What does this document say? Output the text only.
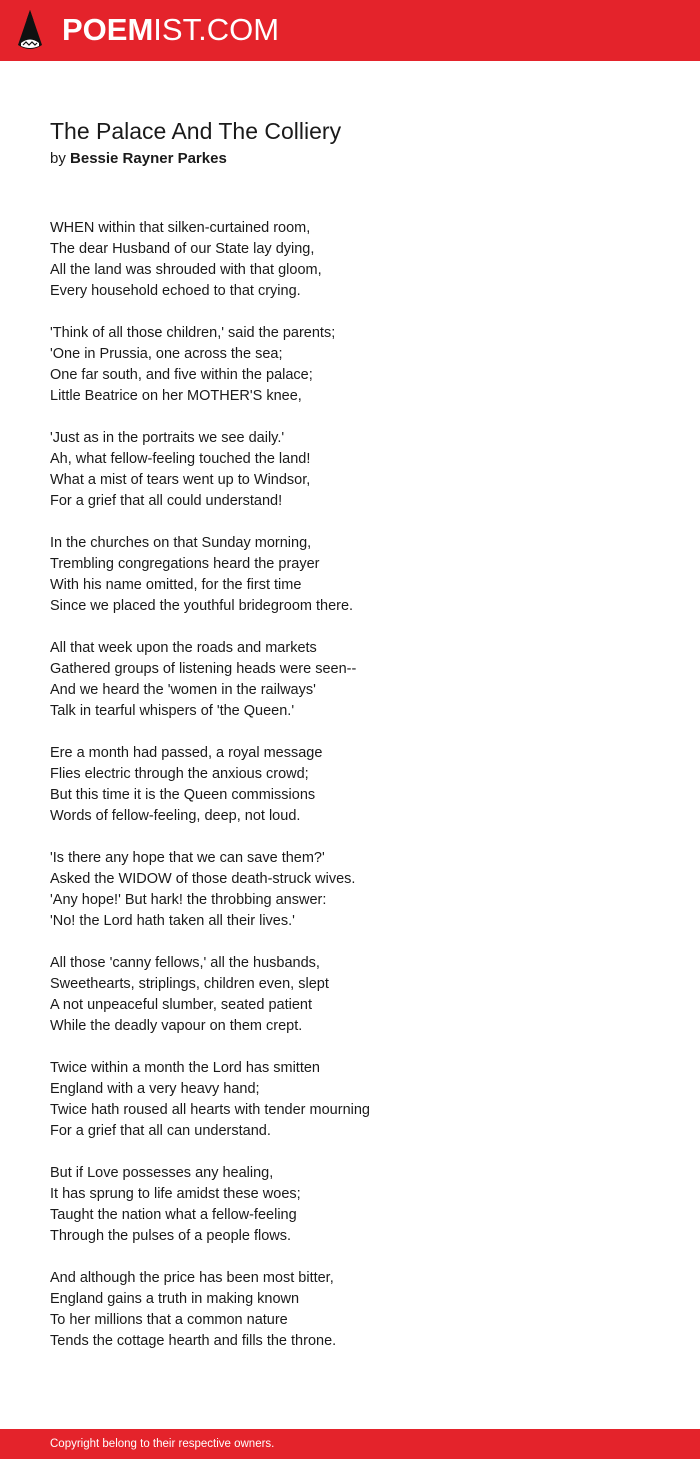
POEMIST.COM
The Palace And The Colliery
by Bessie Rayner Parkes
WHEN within that silken-curtained room,
The dear Husband of our State lay dying,
All the land was shrouded with that gloom,
Every household echoed to that crying.
'Think of all those children,' said the parents;
'One in Prussia, one across the sea;
One far south, and five within the palace;
Little Beatrice on her MOTHER'S knee,
'Just as in the portraits we see daily.'
Ah, what fellow-feeling touched the land!
What a mist of tears went up to Windsor,
For a grief that all could understand!
In the churches on that Sunday morning,
Trembling congregations heard the prayer
With his name omitted, for the first time
Since we placed the youthful bridegroom there.
All that week upon the roads and markets
Gathered groups of listening heads were seen--
And we heard the 'women in the railways'
Talk in tearful whispers of 'the Queen.'
Ere a month had passed, a royal message
Flies electric through the anxious crowd;
But this time it is the Queen commissions
Words of fellow-feeling, deep, not loud.
'Is there any hope that we can save them?'
Asked the WIDOW of those death-struck wives.
'Any hope!' But hark! the throbbing answer:
'No! the Lord hath taken all their lives.'
All those 'canny fellows,' all the husbands,
Sweethearts, striplings, children even, slept
A not unpeaceful slumber, seated patient
While the deadly vapour on them crept.
Twice within a month the Lord has smitten
England with a very heavy hand;
Twice hath roused all hearts with tender mourning
For a grief that all can understand.
But if Love possesses any healing,
It has sprung to life amidst these woes;
Taught the nation what a fellow-feeling
Through the pulses of a people flows.
And although the price has been most bitter,
England gains a truth in making known
To her millions that a common nature
Tends the cottage hearth and fills the throne.
Copyright belong to their respective owners.
